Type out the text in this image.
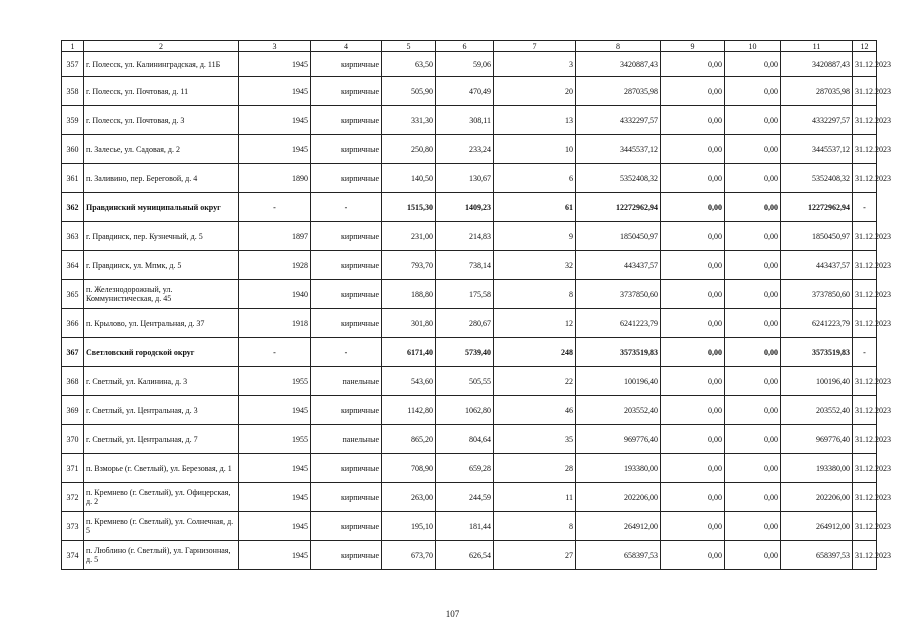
1	2	3	4	5	6	7	8	9	10	11	12
357	г. Полесск, ул. Калининградская, д. 11Б	1945	кирпичные	63,50	59,06	3	3420887,43	0,00	0,00	3420887,43	31.12.2023
358	г. Полесск, ул. Почтовая, д. 11	1945	кирпичные	505,90	470,49	20	287035,98	0,00	0,00	287035,98	31.12.2023
359	г. Полесск, ул. Почтовая, д. 3	1945	кирпичные	331,30	308,11	13	4332297,57	0,00	0,00	4332297,57	31.12.2023
360	п. Залесье, ул. Садовая, д. 2	1945	кирпичные	250,80	233,24	10	3445537,12	0,00	0,00	3445537,12	31.12.2023
361	п. Заливино, пер. Береговой, д. 4	1890	кирпичные	140,50	130,67	6	5352408,32	0,00	0,00	5352408,32	31.12.2023
362	Правдинский муниципальный округ	-	-	1515,30	1409,23	61	12272962,94	0,00	0,00	12272962,94	-
363	г. Правдинск, пер. Кузнечный, д. 5	1897	кирпичные	231,00	214,83	9	1850450,97	0,00	0,00	1850450,97	31.12.2023
364	г. Правдинск, ул. Мпмк, д. 5	1928	кирпичные	793,70	738,14	32	443437,57	0,00	0,00	443437,57	31.12.2023
365	п. Железнодорожный, ул. Коммунистическая, д. 45	1940	кирпичные	188,80	175,58	8	3737850,60	0,00	0,00	3737850,60	31.12.2023
366	п. Крылово, ул. Центральная, д. 37	1918	кирпичные	301,80	280,67	12	6241223,79	0,00	0,00	6241223,79	31.12.2023
367	Светловский городской округ	-	-	6171,40	5739,40	248	3573519,83	0,00	0,00	3573519,83	-
368	г. Светлый, ул. Калинина, д. 3	1955	панельные	543,60	505,55	22	100196,40	0,00	0,00	100196,40	31.12.2023
369	г. Светлый, ул. Центральная, д. 3	1945	кирпичные	1142,80	1062,80	46	203552,40	0,00	0,00	203552,40	31.12.2023
370	г. Светлый, ул. Центральная, д. 7	1955	панельные	865,20	804,64	35	969776,40	0,00	0,00	969776,40	31.12.2023
371	п. Взморье (г. Светлый), ул. Березовая, д. 1	1945	кирпичные	708,90	659,28	28	193380,00	0,00	0,00	193380,00	31.12.2023
372	п. Кремнево (г. Светлый), ул. Офицерская, д. 2	1945	кирпичные	263,00	244,59	11	202206,00	0,00	0,00	202206,00	31.12.2023
373	п. Кремнево (г. Светлый), ул. Солнечная, д. 5	1945	кирпичные	195,10	181,44	8	264912,00	0,00	0,00	264912,00	31.12.2023
374	п. Люблино (г. Светлый), ул. Гарнизонная, д. 5	1945	кирпичные	673,70	626,54	27	658397,53	0,00	0,00	658397,53	31.12.2023
107
